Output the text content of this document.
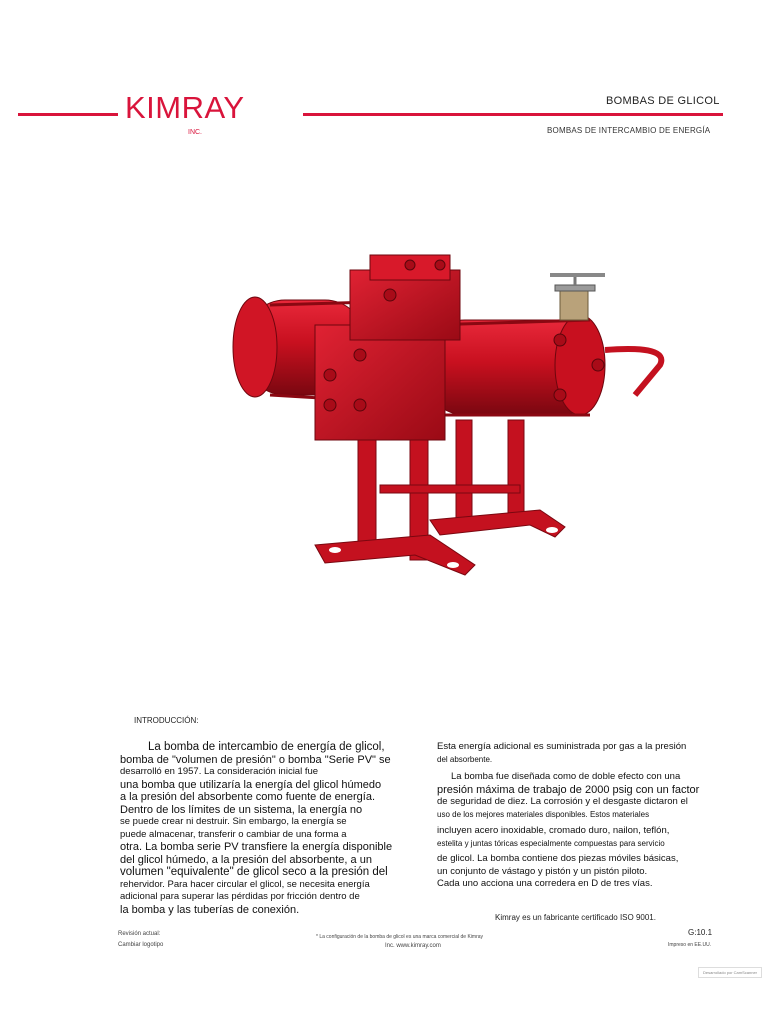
KIMRAY
INC.
BOMBAS DE GLICOL
BOMBAS DE INTERCAMBIO DE ENERGÍA
INTRODUCCIÓN:

La bomba de intercambio de energía de glicol,

bomba de "volumen de presión" o bomba "Serie PV" se

desarrolló en 1957. La consideración inicial fue

una bomba que utilizaría la energía del glicol húmedo

a la presión del absorbente como fuente de energía.

Dentro de los límites de un sistema, la energía no

se puede crear ni destruir. Sin embargo, la energía se

puede almacenar, transferir o cambiar de una forma a

otra. La bomba serie PV transfiere la energía disponible

del glicol húmedo, a la presión del absorbente, a un

volumen "equivalente" de glicol seco a la presión del

rehervidor. Para hacer circular el glicol, se necesita energía

adicional para superar las pérdidas por fricción dentro de

la bomba y las tuberías de conexión.

Esta energía adicional es suministrada por gas a la presión

del absorbente.

La bomba fue diseñada como de doble efecto con una

presión máxima de trabajo de 2000 psig con un factor

de seguridad de diez. La corrosión y el desgaste dictaron el

uso de los mejores materiales disponibles. Estos materiales

incluyen acero inoxidable, cromado duro, nailon, teflón,

estelita y juntas tóricas especialmente compuestas para servicio

de glicol. La bomba contiene dos piezas móviles básicas,

un conjunto de vástago y pistón y un pistón piloto.

Cada uno acciona una corredera en D de tres vías.

Kimray es un fabricante certificado ISO 9001.
G:10.1
Revisión actual:
Cambiar logotipo
* La configuración de la bomba de glicol es una marca comercial de Kimray
Inc. www.kimray.com	Impreso en EE.UU.
Desarrollado por CamScanner
